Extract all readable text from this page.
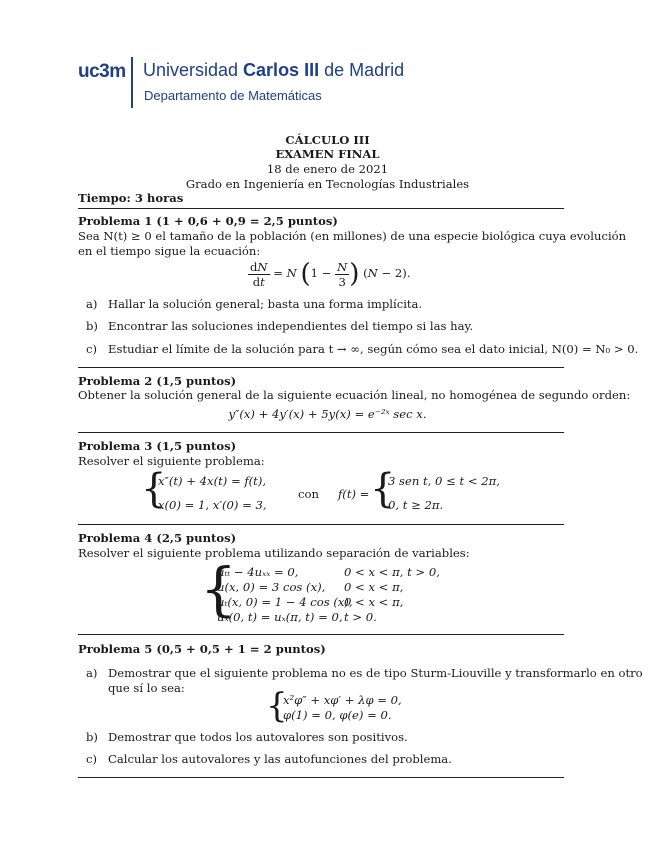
uc3m Universidad Carlos III de Madrid
Departamento de Matemáticas
CÁLCULO III
EXAMEN FINAL
18 de enero de 2021
Grado en Ingeniería en Tecnologías Industriales
Tiempo: 3 horas
Problema 1 (1 + 0,6 + 0,9 = 2,5 puntos)
Sea N(t) ≥ 0 el tamaño de la población (en millones) de una especie biológica cuya evolución
en el tiempo sigue la ecuación:
$\frac{dN}{dt} = N$ ($1 - \frac{N}{3}$ ) (N − 2).
a) Hallar la solución general; basta una forma implícita.
b) Encontrar las soluciones independientes del tiempo si las hay.
c) Estudiar el límite de la solución para t → ∞, según cómo sea el dato inicial, N(0) = N₀ > 0.
Problema 2 (1,5 puntos)
Obtener la solución general de la siguiente ecuación lineal, no homogénea de segundo orden:
y″(x) + 4y′(x) + 5y(x) = e⁻²ˣ sec x.
Problema 3 (1,5 puntos)
Resolver el siguiente problema:
{
x″(t) + 4x(t) = f(t),
x(0) = 1, x′(0) = 3,
con f(t) = {
3 sen t, 0 ≤ t < 2π,
0, t ≥ 2π.
Problema 4 (2,5 puntos)
Resolver el siguiente problema utilizando separación de variables:
{
uₜₜ − 4uₓₓ = 0,	0 < x < π, t > 0,
u(x, 0) = 3 cos (x), 0 < x < π,
uₜ(x, 0) = 1 − 4 cos (x),
0 < x < π,
uₓ(0, t) = uₓ(π, t) = 0, t > 0.
Problema 5 (0,5 + 0,5 + 1 = 2 puntos)
a) Demostrar que el siguiente problema no es de tipo Sturm-Liouville y transformarlo en otro
que sí lo sea: {
x²φ″ + xφ′ + λφ = 0,
φ(1) = 0, φ(e) = 0.
b) Demostrar que todos los autovalores son positivos.
c) Calcular los autovalores y las autofunciones del problema.
